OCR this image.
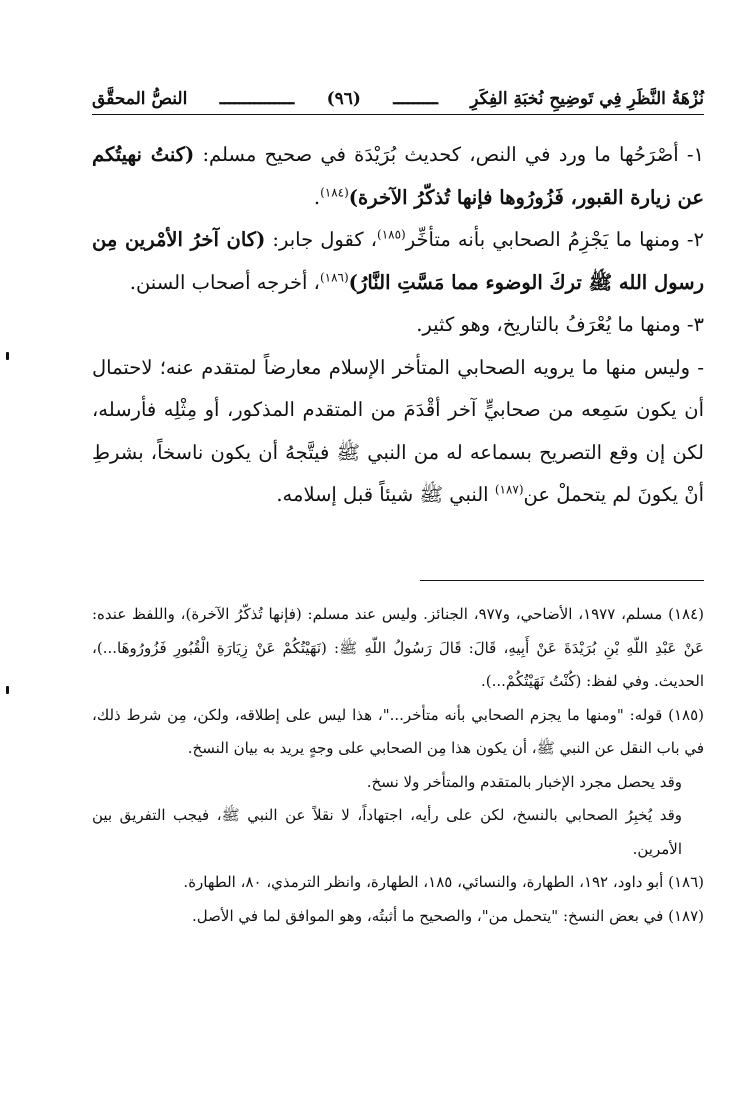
نُزْهَةُ النَّظَرِ فِي تَوضِيحِ نُخبَةِ الفِكَرِ
ـــــــــ
(٩٦)
ـــــــــــــــ
النصُّ المحقَّق

١- أصْرَحُها ما ورد في النص، كحديث بُرَيْدَة في صحيح مسلم: (كنتُ نهيتُكم عن زيارة القبور، فَزُورُوها فإنها تُذكّرُ الآخرة)$^{(١٨٤)}$.

٢- ومنها ما يَجْزِمُ الصحابي بأنه متأخِّر$^{(١٨٥)}$، كقول جابر: (كان آخرُ الأمْرين مِن رسول الله ﷺ تركَ الوضوء مما مَسَّتِ النَّارُ)$^{(١٨٦)}$، أخرجه أصحاب السنن.

٣- ومنها ما يُعْرَفُ بالتاريخ، وهو كثير.

- وليس منها ما يرويه الصحابي المتأخر الإسلام معارضاً لمتقدم عنه؛ لاحتمال أن يكون سَمِعه من صحابيٍّ آخر أقْدَمَ من المتقدم المذكور، أو مِثْلِه فأرسله، لكن إن وقع التصريح بسماعه له من النبي ﷺ فيتَّجهُ أن يكون ناسخاً، بشرطِ أنْ يكونَ لم يتحملْ عن$^{(١٨٧)}$ النبي ﷺ شيئاً قبل إسلامه.

(١٨٤) مسلم، ١٩٧٧، الأضاحي، و٩٧٧، الجنائز. وليس عند مسلم: (فإنها تُذكّرُ الآخرة)، واللفظ عنده: عَنْ عَبْدِ اللّهِ بْنِ بُرَيْدَةَ عَنْ أَبِيهِ، قَالَ: قَالَ رَسُولُ اللّهِ ﷺ: (نَهَيْتُكُمْ عَنْ زِيَارَةِ الْقُبُورِ فَزُورُوهَا...)، الحديث. وفي لفظ: (كُنْتُ نَهَيْتُكُمْ...).

(١٨٥) قوله: "ومنها ما يجزم الصحابي بأنه متأخر..."، هذا ليس على إطلاقه، ولكن، مِن شرط ذلك، في باب النقل عن النبي ﷺ، أن يكون هذا مِن الصحابي على وجهٍ يريد به بيان النسخ.

وقد يحصل مجرد الإخبار بالمتقدم والمتأخر ولا نسخ.

وقد يُخبِرُ الصحابي بالنسخ، لكن على رأيه، اجتهاداً، لا نقلاً عن النبي ﷺ، فيجب التفريق بين الأمرين.

(١٨٦) أبو داود، ١٩٢، الطهارة، والنسائي، ١٨٥، الطهارة، وانظر الترمذي، ٨٠، الطهارة.

(١٨٧) في بعض النسخ: "يتحمل من"، والصحيح ما أثبتُه، وهو الموافق لما في الأصل.
